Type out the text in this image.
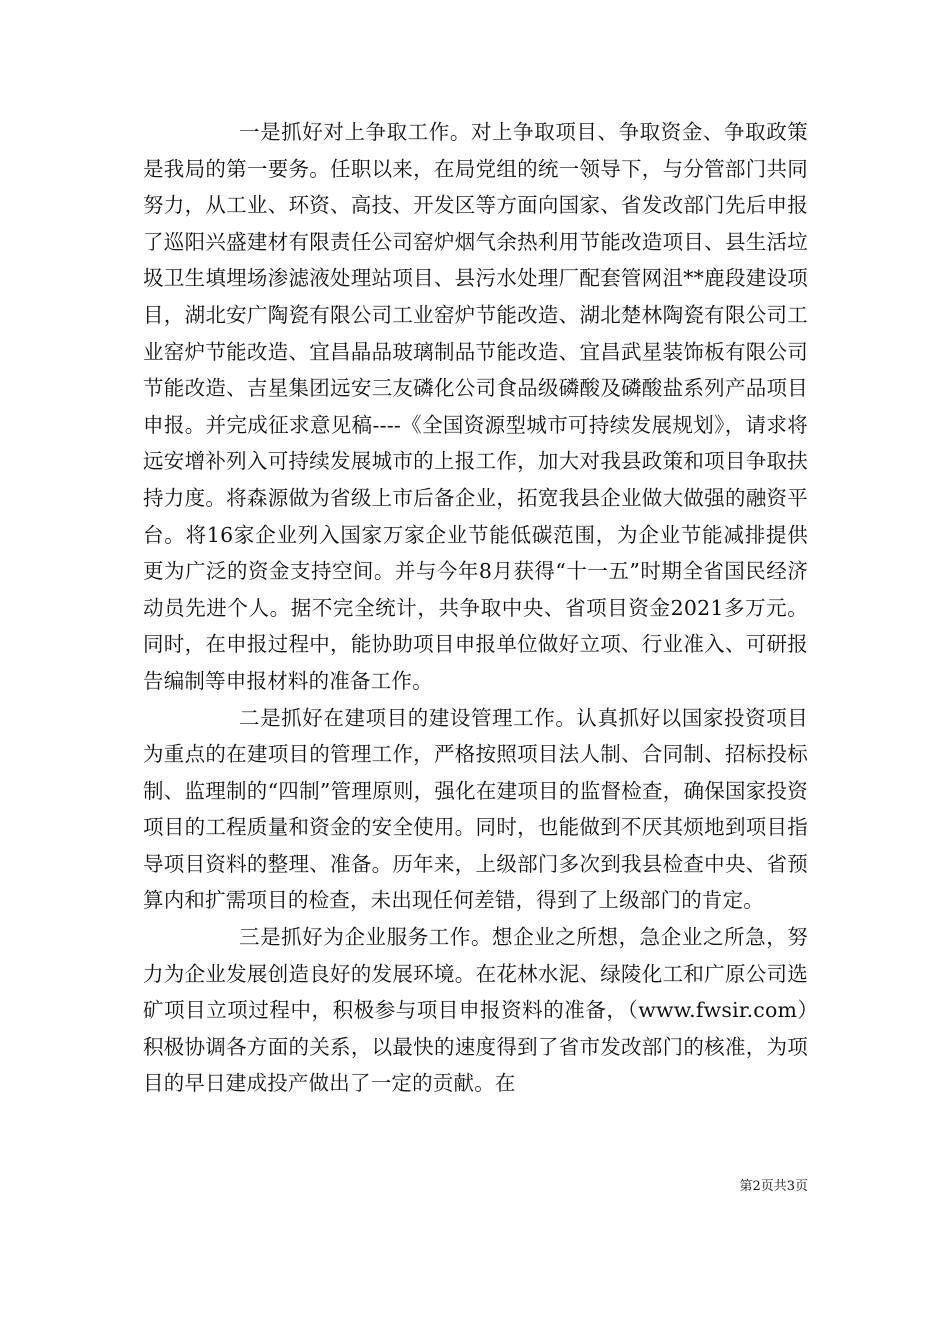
一是抓好对上争取工作。对上争取项目、争取资金、争取政策是我局的第一要务。任职以来，在局党组的统一领导下，与分管部门共同努力，从工业、环资、高技、开发区等方面向国家、省发改部门先后申报了巡阳兴盛建材有限责任公司窑炉烟气余热利用节能改造项目、县生活垃圾卫生填埋场渗滤液处理站项目、县污水处理厂配套管网沮**鹿段建设项目，湖北安广陶瓷有限公司工业窑炉节能改造、湖北楚林陶瓷有限公司工业窑炉节能改造、宜昌晶品玻璃制品节能改造、宜昌武星装饰板有限公司节能改造、吉星集团远安三友磷化公司食品级磷酸及磷酸盐系列产品项目申报。并完成征求意见稿----《全国资源型城市可持续发展规划》，请求将远安增补列入可持续发展城市的上报工作，加大对我县政策和项目争取扶持力度。将森源做为省级上市后备企业，拓宽我县企业做大做强的融资平台。将16家企业列入国家万家企业节能低碳范围，为企业节能减排提供更为广泛的资金支持空间。并与今年8月获得“十一五”时期全省国民经济动员先进个人。据不完全统计，共争取中央、省项目资金2021多万元。同时，在申报过程中，能协助项目申报单位做好立项、行业准入、可研报告编制等申报材料的准备工作。

二是抓好在建项目的建设管理工作。认真抓好以国家投资项目为重点的在建项目的管理工作，严格按照项目法人制、合同制、招标投标制、监理制的“四制”管理原则，强化在建项目的监督检查，确保国家投资项目的工程质量和资金的安全使用。同时，也能做到不厌其烦地到项目指导项目资料的整理、准备。历年来，上级部门多次到我县检查中央、省预算内和扩需项目的检查，未出现任何差错，得到了上级部门的肯定。

三是抓好为企业服务工作。想企业之所想，急企业之所急，努力为企业发展创造良好的发展环境。在花林水泥、绿陵化工和广原公司选矿项目立项过程中，积极参与项目申报资料的准备，（www.fwsir.com）积极协调各方面的关系，以最快的速度得到了省市发改部门的核准，为项目的早日建成投产做出了一定的贡献。在

第2页共3页
